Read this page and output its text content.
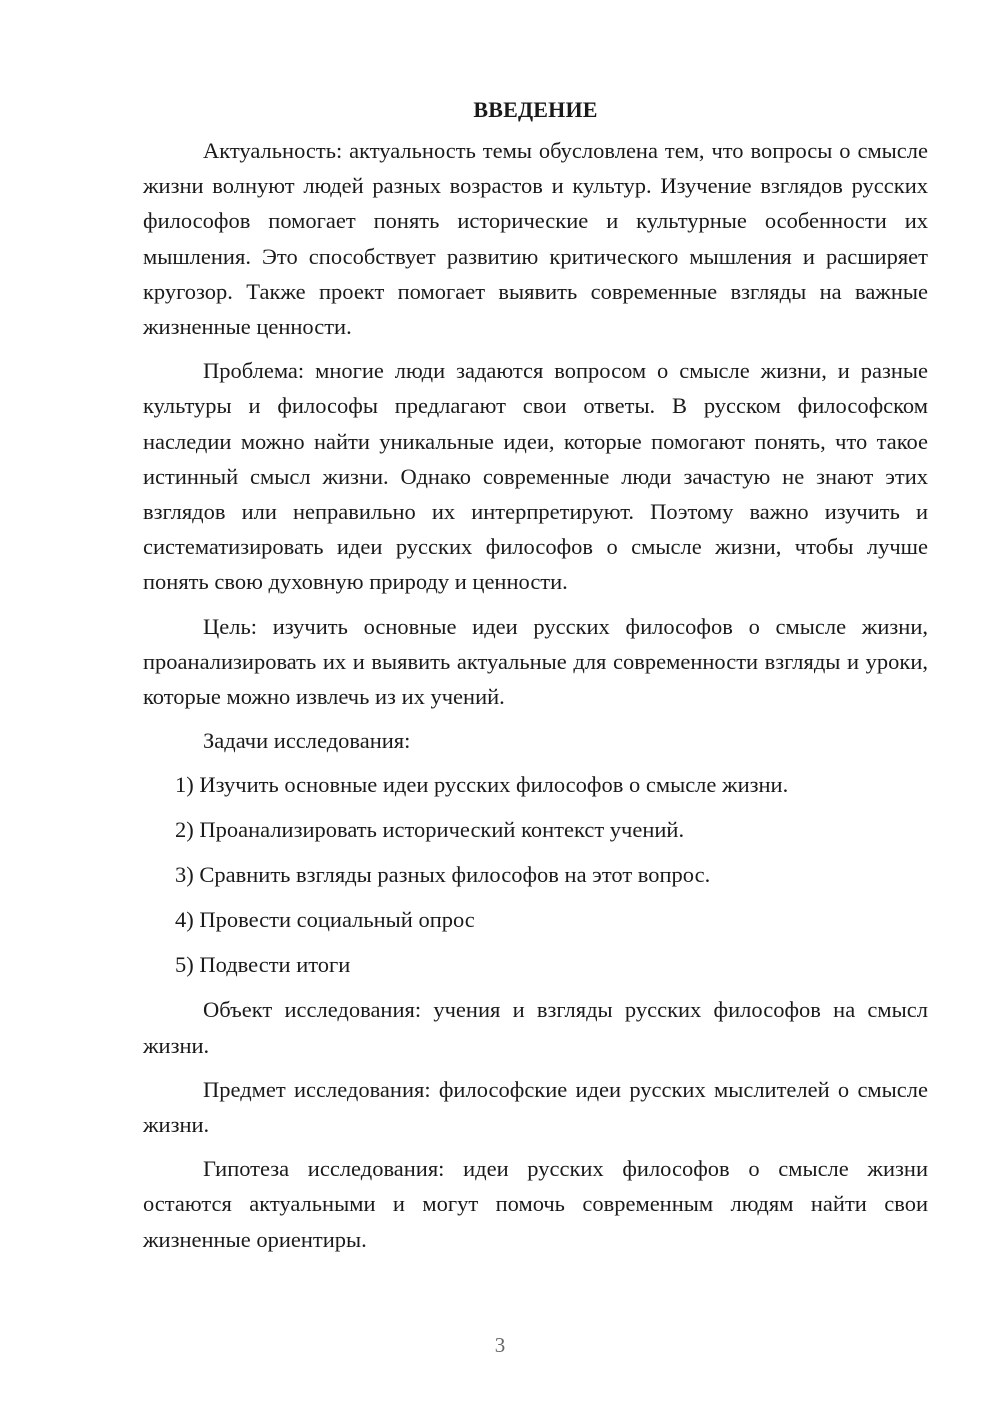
ВВЕДЕНИЕ

Актуальность: актуальность темы обусловлена тем, что вопросы о смысле жизни волнуют людей разных возрастов и культур. Изучение взглядов русских философов помогает понять исторические и культурные особенности их мышления. Это способствует развитию критического мышления и расширяет кругозор. Также проект помогает выявить современные взгляды на важные жизненные ценности.

Проблема: многие люди задаются вопросом о смысле жизни, и разные культуры и философы предлагают свои ответы. В русском философском наследии можно найти уникальные идеи, которые помогают понять, что такое истинный смысл жизни. Однако современные люди зачастую не знают этих взглядов или неправильно их интерпретируют. Поэтому важно изучить и систематизировать идеи русских философов о смысле жизни, чтобы лучше понять свою духовную природу и ценности.

Цель: изучить основные идеи русских философов о смысле жизни, проанализировать их и выявить актуальные для современности взгляды и уроки, которые можно извлечь из их учений.

Задачи исследования:

1) Изучить основные идеи русских философов о смысле жизни.
2) Проанализировать исторический контекст учений.
3) Сравнить взгляды разных философов на этот вопрос.
4) Провести социальный опрос
5) Подвести итоги

Объект исследования: учения и взгляды русских философов на смысл жизни.

Предмет исследования: философские идеи русских мыслителей о смысле жизни.

Гипотеза исследования: идеи русских философов о смысле жизни остаются актуальными и могут помочь современным людям найти свои жизненные ориентиры.

3
